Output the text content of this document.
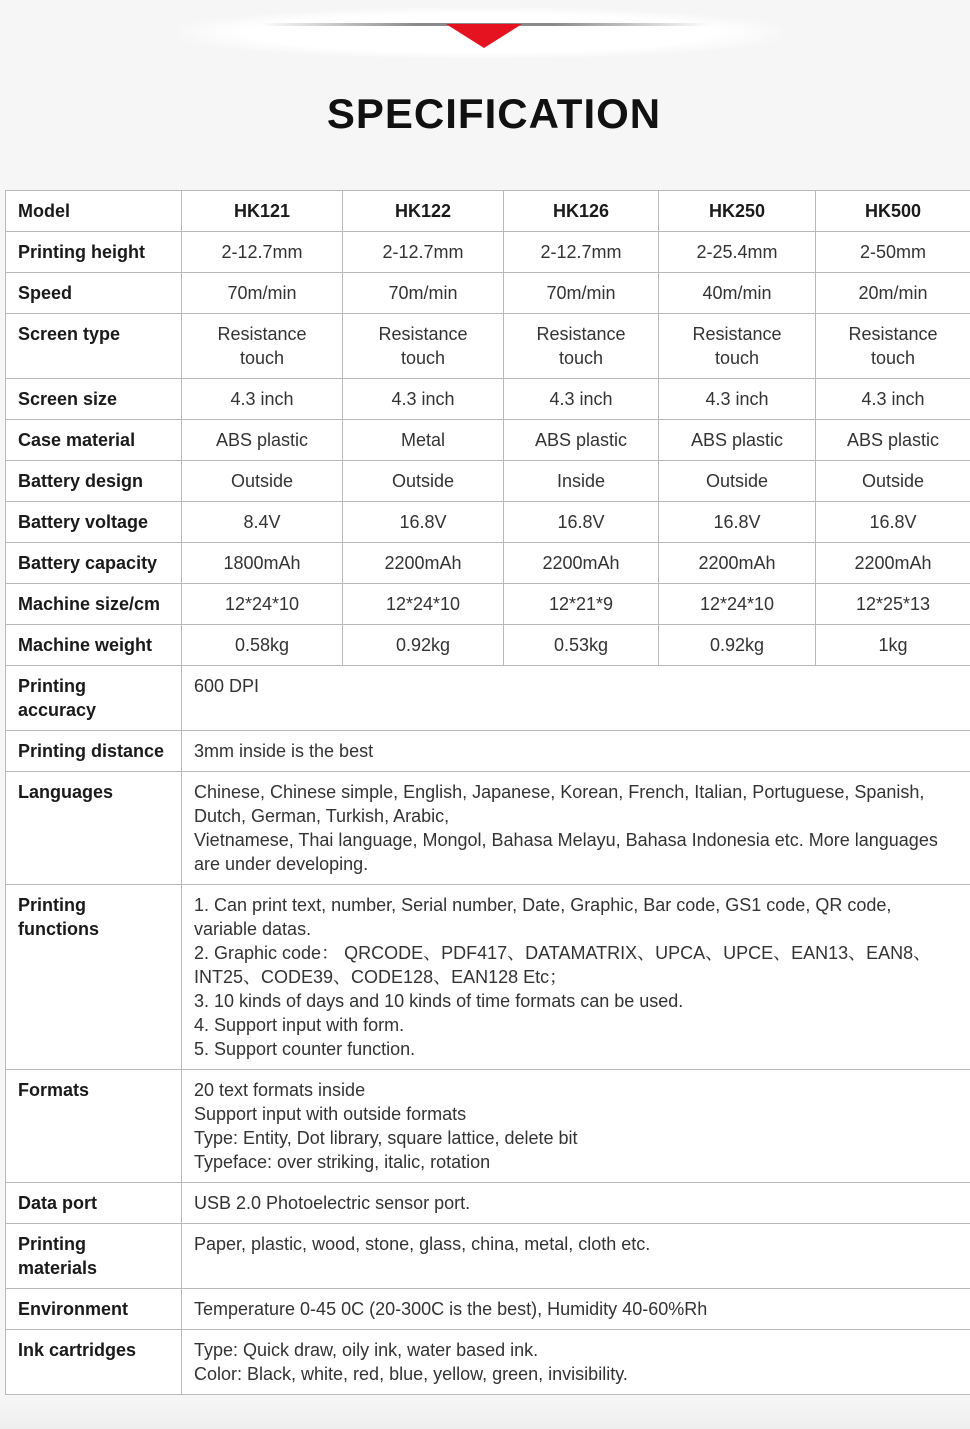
SPECIFICATION
Model	HK121	HK122	HK126	HK250	HK500
Printing height	2-12.7mm	2-12.7mm	2-12.7mm	2-25.4mm	2-50mm
Speed	70m/min	70m/min	70m/min	40m/min	20m/min
Screen type	Resistance touch	Resistance touch	Resistance touch	Resistance touch	Resistance touch
Screen size	4.3 inch	4.3 inch	4.3 inch	4.3 inch	4.3 inch
Case material	ABS plastic	Metal	ABS plastic	ABS plastic	ABS plastic
Battery design	Outside	Outside	Inside	Outside	Outside
Battery voltage	8.4V	16.8V	16.8V	16.8V	16.8V
Battery capacity	1800mAh	2200mAh	2200mAh	2200mAh	2200mAh
Machine size/cm	12*24*10	12*24*10	12*21*9	12*24*10	12*25*13
Machine weight	0.58kg	0.92kg	0.53kg	0.92kg	1kg
Printing accuracy	600 DPI				

Printing distance	3mm inside is the best				

Languages	Chinese, Chinese simple, English, Japanese, Korean, French, Italian, Portuguese, Spanish, Dutch, German, Turkish, Arabic,
Vietnamese, Thai language, Mongol, Bahasa Melayu, Bahasa Indonesia etc. More languages are under developing.				

Printing functions	1. Can print text, number, Serial number, Date, Graphic, Bar code, GS1 code, QR code, variable datas.
2. Graphic code： QRCODE、PDF417、DATAMATRIX、UPCA、UPCE、EAN13、EAN8、INT25、CODE39、CODE128、EAN128 Etc；
3. 10 kinds of days and 10 kinds of time formats can be used.
4. Support input with form.
5. Support counter function.				

Formats	20 text formats inside
Support input with outside formats
Type: Entity, Dot library, square lattice, delete bit
Typeface: over striking, italic, rotation				

Data port	USB 2.0 Photoelectric sensor port.				

Printing materials	Paper, plastic, wood, stone, glass, china, metal, cloth etc.				

Environment	Temperature 0-45 0C (20-300C is the best), Humidity 40-60%Rh				

Ink cartridges	Type: Quick draw, oily ink, water based ink.
Color: Black, white, red, blue, yellow, green, invisibility.				
